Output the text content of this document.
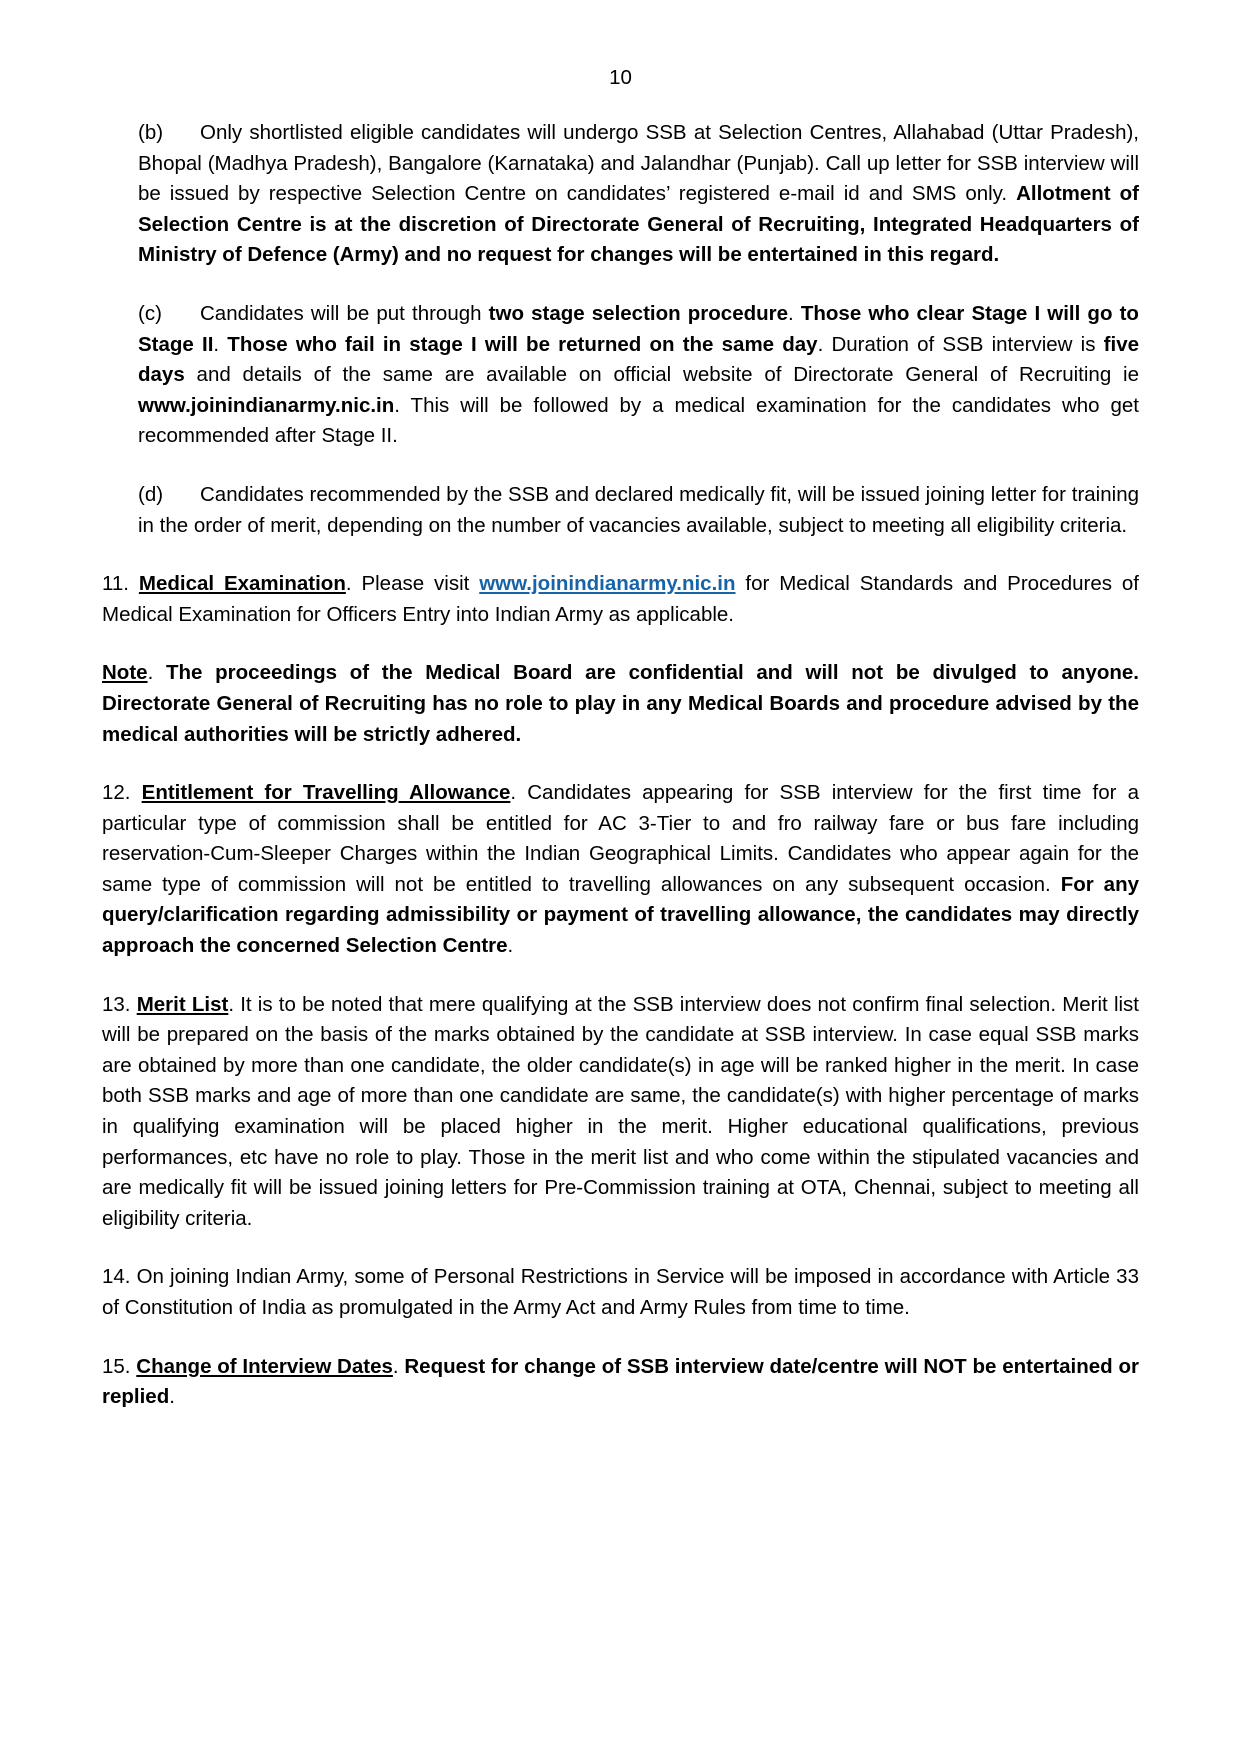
10

(b) Only shortlisted eligible candidates will undergo SSB at Selection Centres, Allahabad (Uttar Pradesh), Bhopal (Madhya Pradesh), Bangalore (Karnataka) and Jalandhar (Punjab). Call up letter for SSB interview will be issued by respective Selection Centre on candidates’ registered e-mail id and SMS only. Allotment of Selection Centre is at the discretion of Directorate General of Recruiting, Integrated Headquarters of Ministry of Defence (Army) and no request for changes will be entertained in this regard.

(c) Candidates will be put through two stage selection procedure. Those who clear Stage I will go to Stage II. Those who fail in stage I will be returned on the same day. Duration of SSB interview is five days and details of the same are available on official website of Directorate General of Recruiting ie www.joinindianarmy.nic.in. This will be followed by a medical examination for the candidates who get recommended after Stage II.

(d) Candidates recommended by the SSB and declared medically fit, will be issued joining letter for training in the order of merit, depending on the number of vacancies available, subject to meeting all eligibility criteria.

11. Medical Examination. Please visit www.joinindianarmy.nic.in for Medical Standards and Procedures of Medical Examination for Officers Entry into Indian Army as applicable.

Note. The proceedings of the Medical Board are confidential and will not be divulged to anyone. Directorate General of Recruiting has no role to play in any Medical Boards and procedure advised by the medical authorities will be strictly adhered.

12. Entitlement for Travelling Allowance. Candidates appearing for SSB interview for the first time for a particular type of commission shall be entitled for AC 3-Tier to and fro railway fare or bus fare including reservation-Cum-Sleeper Charges within the Indian Geographical Limits. Candidates who appear again for the same type of commission will not be entitled to travelling allowances on any subsequent occasion. For any query/clarification regarding admissibility or payment of travelling allowance, the candidates may directly approach the concerned Selection Centre.

13. Merit List. It is to be noted that mere qualifying at the SSB interview does not confirm final selection. Merit list will be prepared on the basis of the marks obtained by the candidate at SSB interview. In case equal SSB marks are obtained by more than one candidate, the older candidate(s) in age will be ranked higher in the merit. In case both SSB marks and age of more than one candidate are same, the candidate(s) with higher percentage of marks in qualifying examination will be placed higher in the merit. Higher educational qualifications, previous performances, etc have no role to play. Those in the merit list and who come within the stipulated vacancies and are medically fit will be issued joining letters for Pre-Commission training at OTA, Chennai, subject to meeting all eligibility criteria.

14. On joining Indian Army, some of Personal Restrictions in Service will be imposed in accordance with Article 33 of Constitution of India as promulgated in the Army Act and Army Rules from time to time.

15. Change of Interview Dates. Request for change of SSB interview date/centre will NOT be entertained or replied.
